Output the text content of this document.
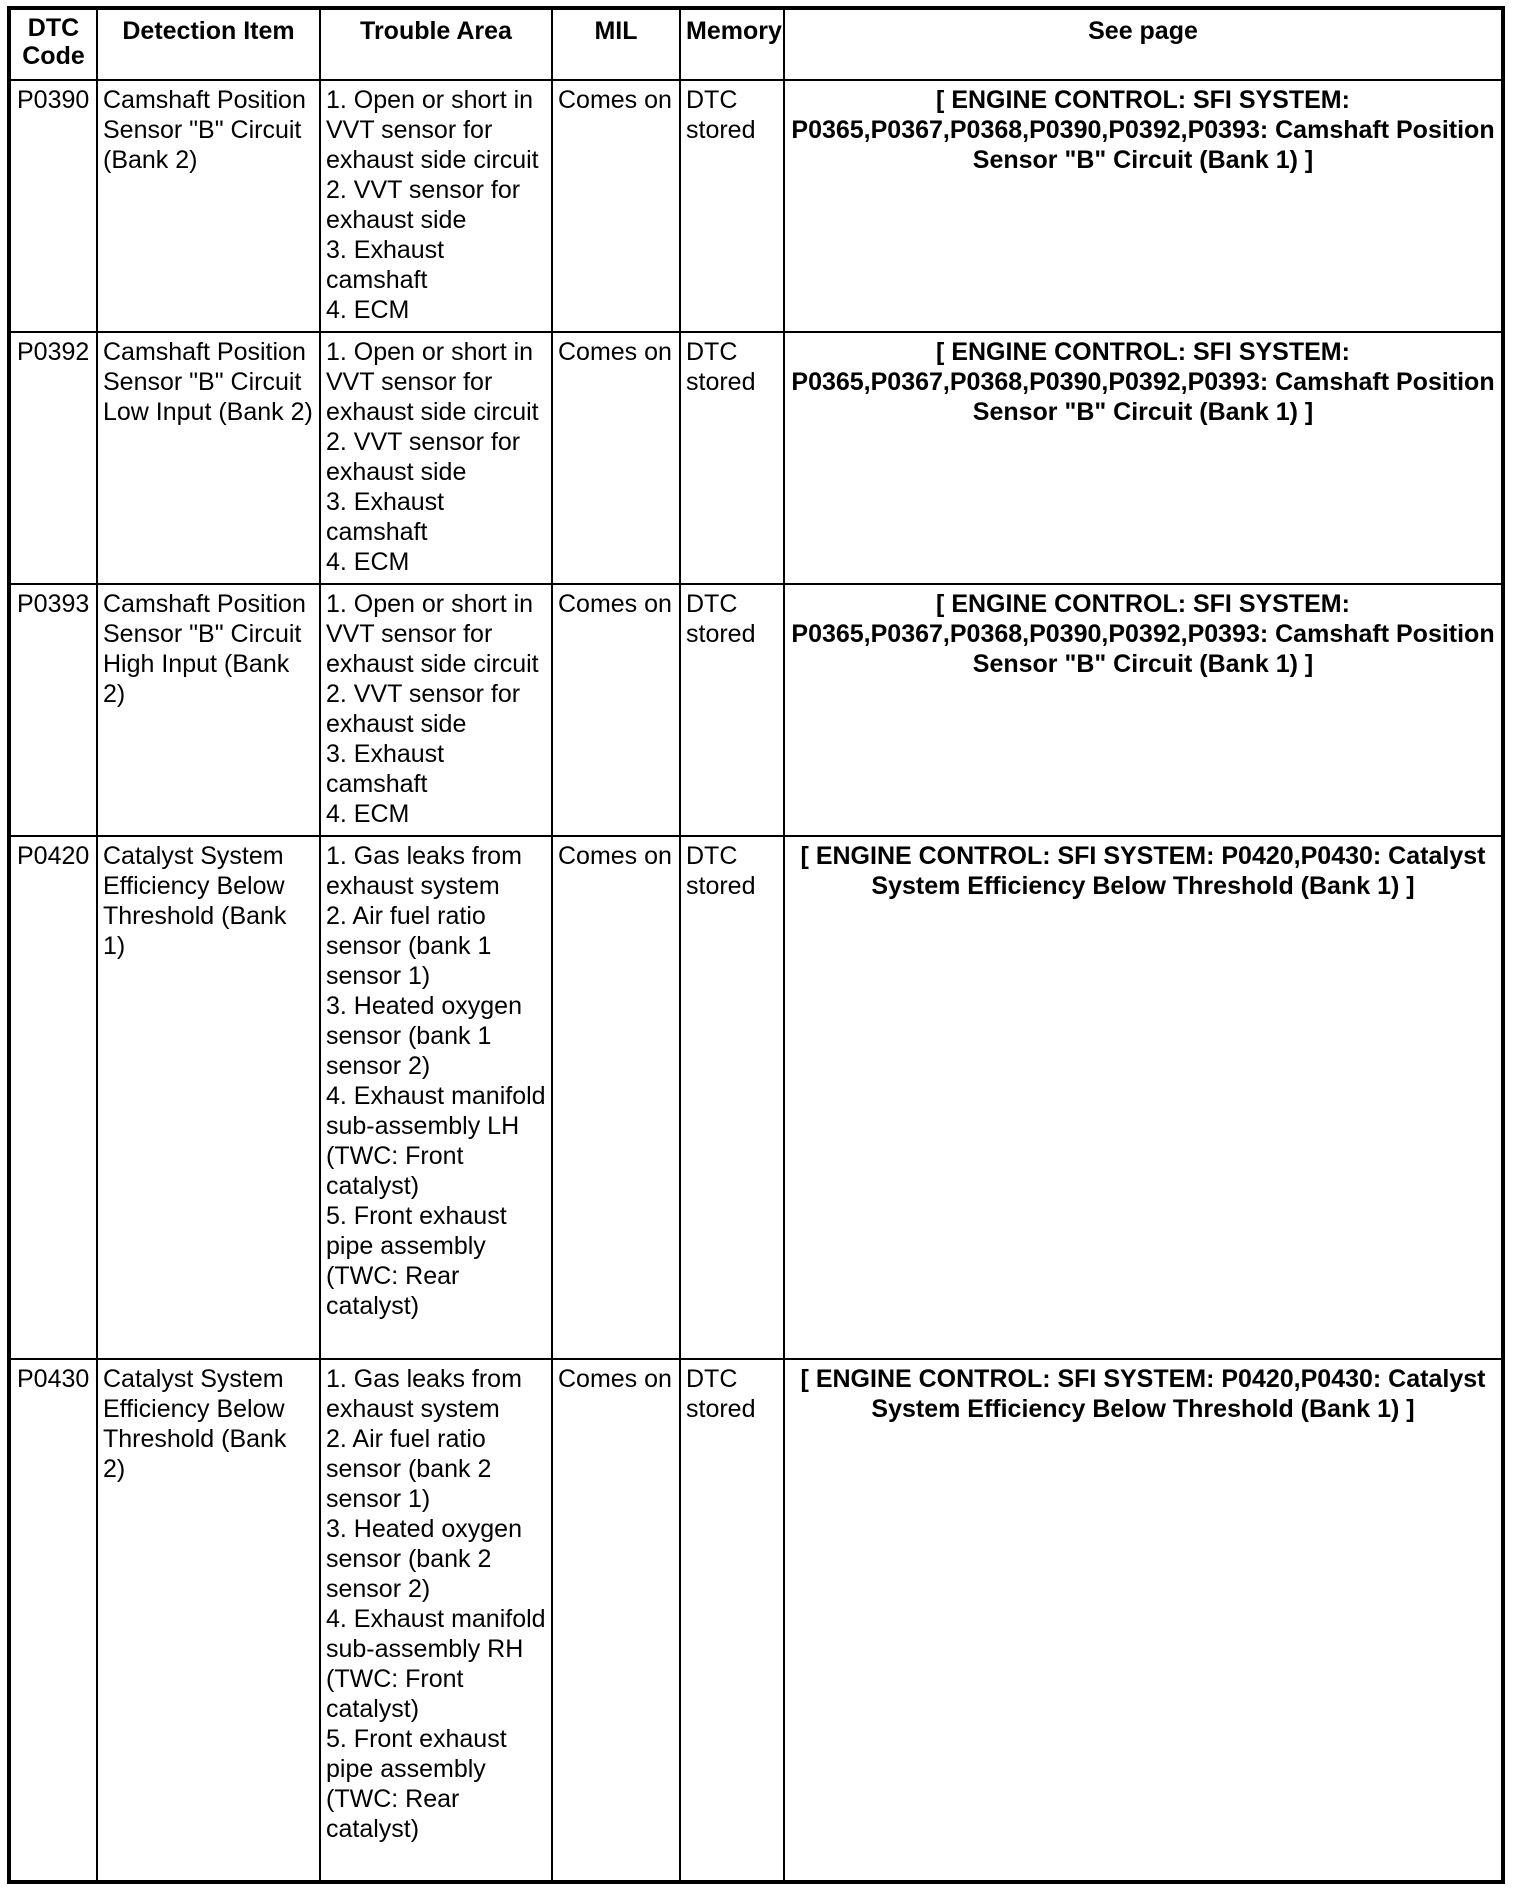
DTC
Code	Detection Item	Trouble Area	MIL	Memory	See page
P0390	Camshaft Position Sensor "B" Circuit (Bank 2)	1. Open or short in VVT sensor for exhaust side circuit
2. VVT sensor for exhaust side
3. Exhaust camshaft
4. ECM	Comes on	DTC stored	[ ENGINE CONTROL: SFI SYSTEM: P0365,P0367,P0368,P0390,P0392,P0393: Camshaft Position Sensor "B" Circuit (Bank 1) ]
P0392	Camshaft Position Sensor "B" Circuit Low Input (Bank 2)	1. Open or short in VVT sensor for exhaust side circuit
2. VVT sensor for exhaust side
3. Exhaust camshaft
4. ECM	Comes on	DTC stored	[ ENGINE CONTROL: SFI SYSTEM: P0365,P0367,P0368,P0390,P0392,P0393: Camshaft Position Sensor "B" Circuit (Bank 1) ]
P0393	Camshaft Position Sensor "B" Circuit High Input (Bank 2)	1. Open or short in VVT sensor for exhaust side circuit
2. VVT sensor for exhaust side
3. Exhaust camshaft
4. ECM	Comes on	DTC stored	[ ENGINE CONTROL: SFI SYSTEM: P0365,P0367,P0368,P0390,P0392,P0393: Camshaft Position Sensor "B" Circuit (Bank 1) ]
P0420	Catalyst System Efficiency Below Threshold (Bank 1)	1. Gas leaks from exhaust system
2. Air fuel ratio sensor (bank 1 sensor 1)
3. Heated oxygen sensor (bank 1 sensor 2)
4. Exhaust manifold sub-assembly LH (TWC: Front catalyst)
5. Front exhaust pipe assembly (TWC: Rear catalyst)	Comes on	DTC stored	[ ENGINE CONTROL: SFI SYSTEM: P0420,P0430: Catalyst System Efficiency Below Threshold (Bank 1) ]
P0430	Catalyst System Efficiency Below Threshold (Bank 2)	1. Gas leaks from exhaust system
2. Air fuel ratio sensor (bank 2 sensor 1)
3. Heated oxygen sensor (bank 2 sensor 2)
4. Exhaust manifold sub-assembly RH (TWC: Front catalyst)
5. Front exhaust pipe assembly (TWC: Rear catalyst)	Comes on	DTC stored	[ ENGINE CONTROL: SFI SYSTEM: P0420,P0430: Catalyst System Efficiency Below Threshold (Bank 1) ]
